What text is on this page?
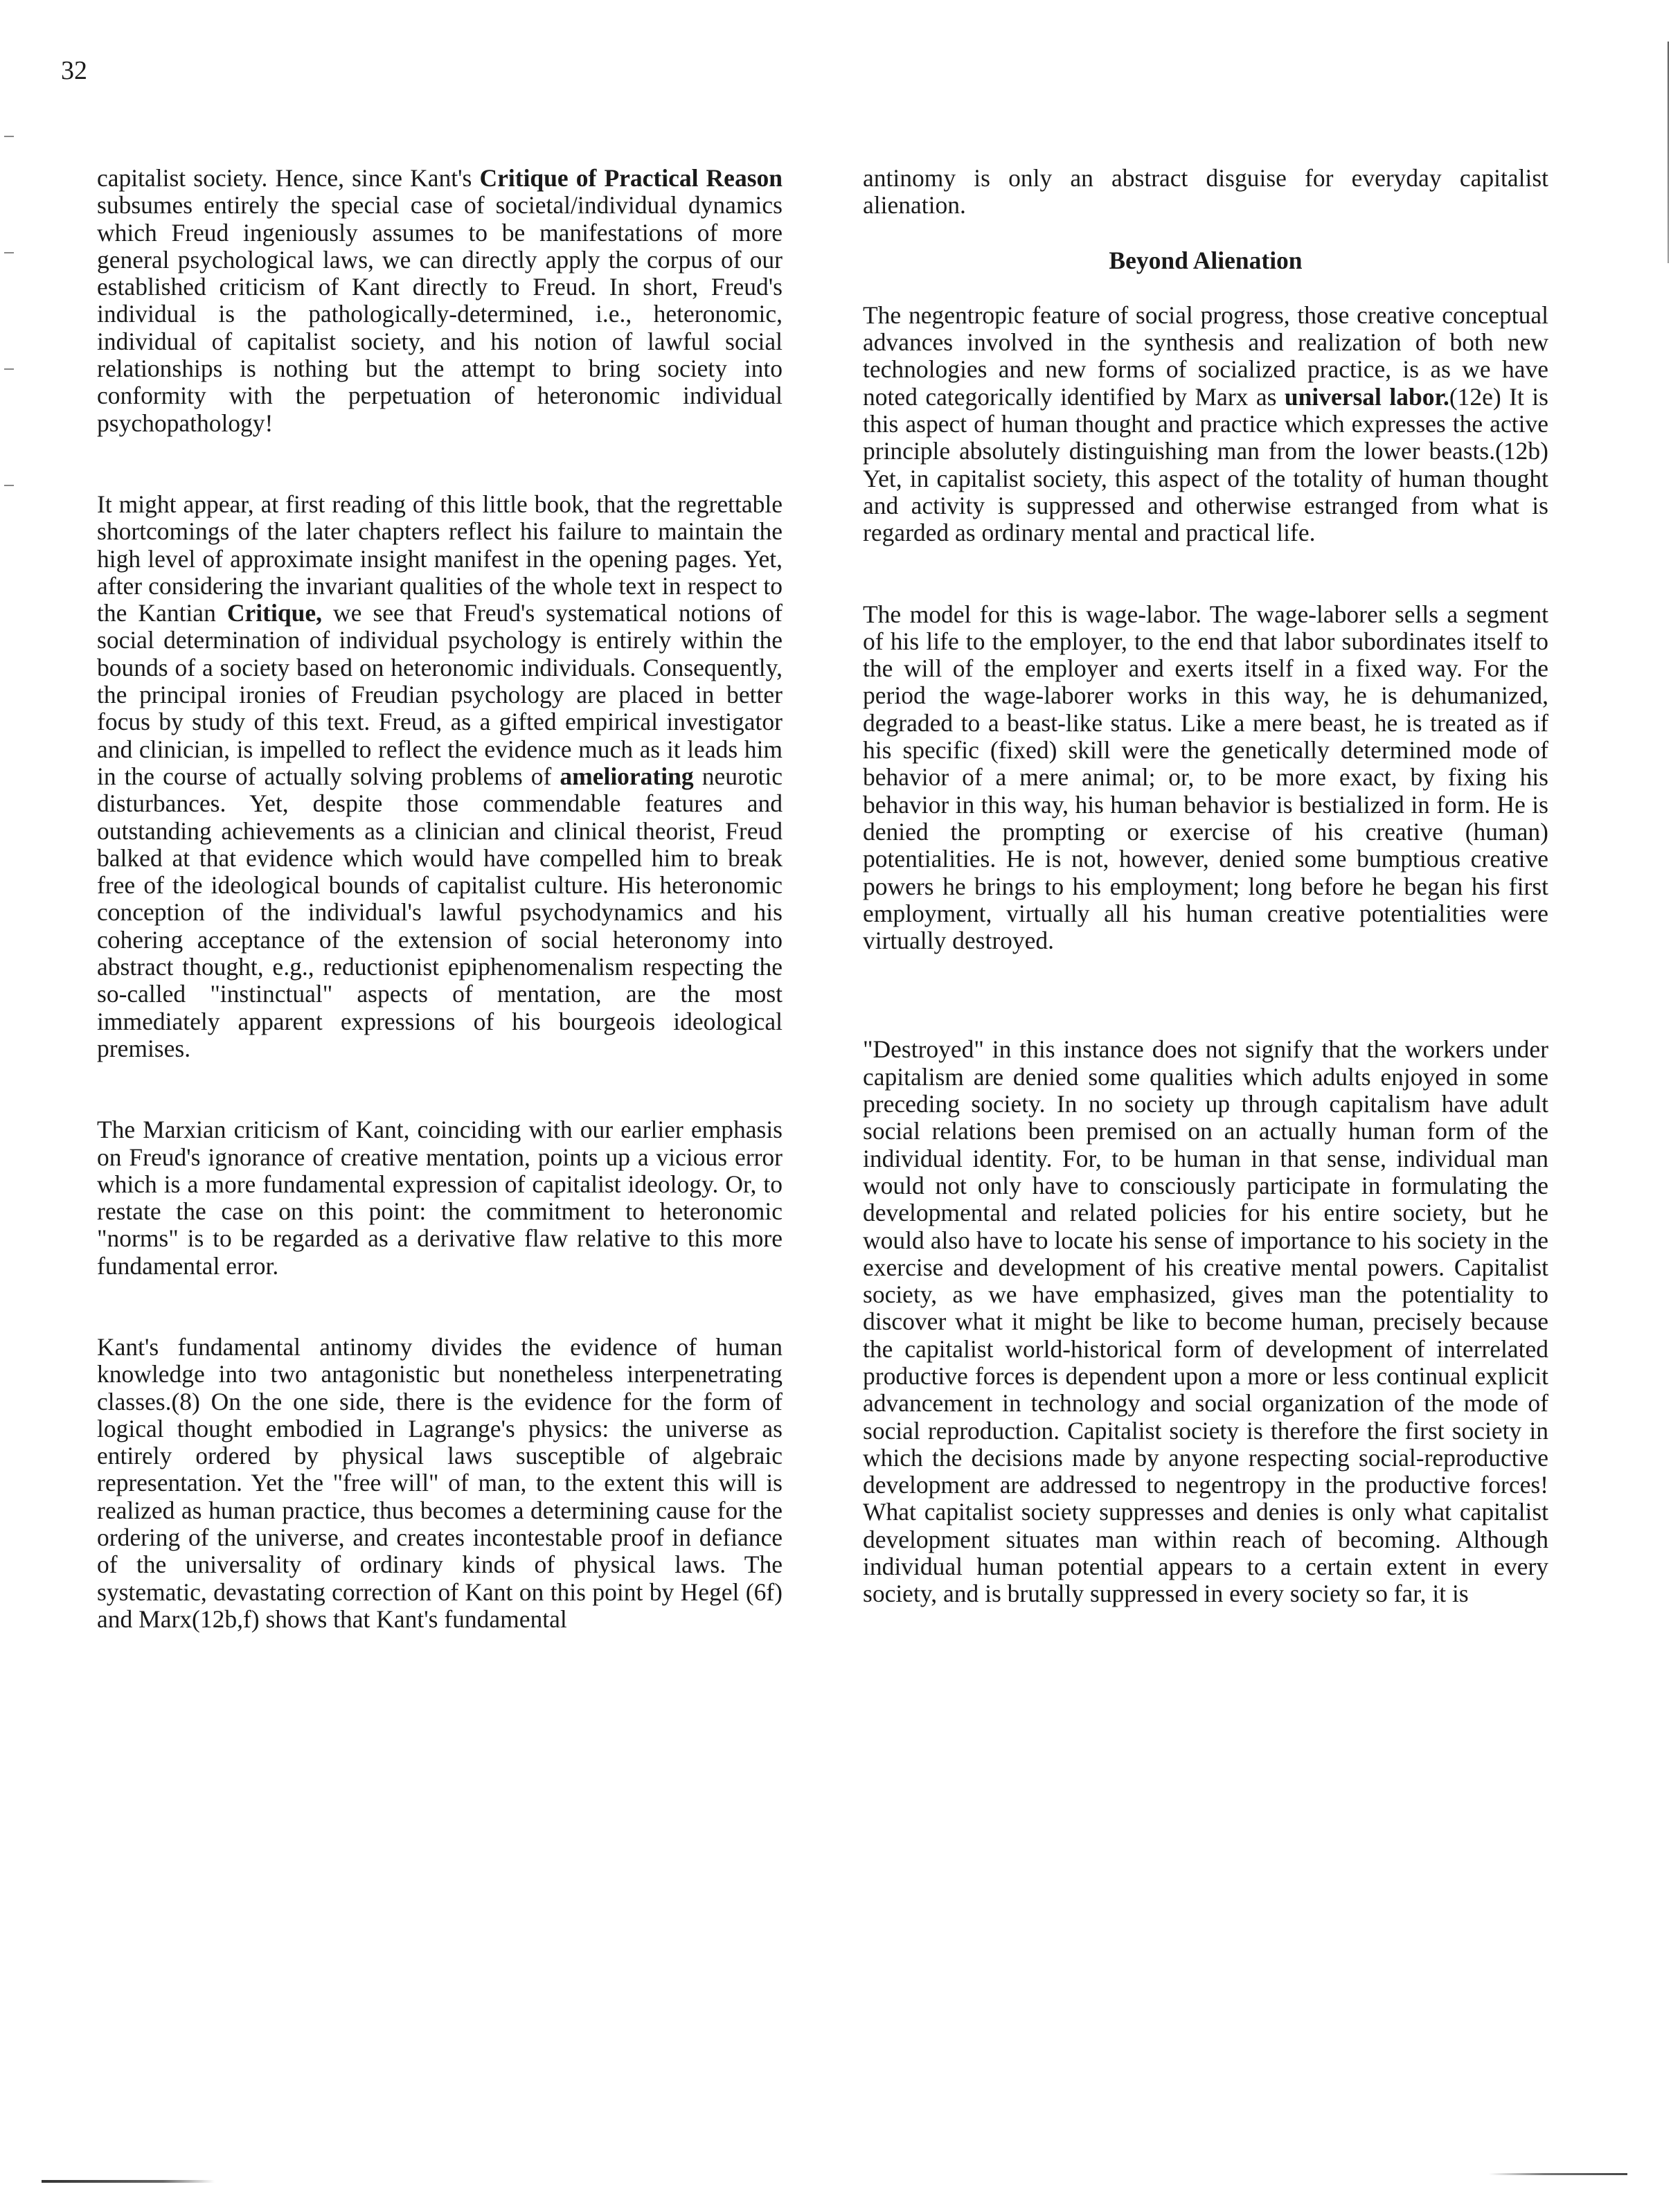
32

capitalist society. Hence, since Kant's Critique of Practical Reason subsumes entirely the special case of societal/individual dynamics which Freud ingeniously assumes to be manifestations of more general psychological laws, we can directly apply the corpus of our established criticism of Kant directly to Freud. In short, Freud's individual is the pathologically-determined, i.e., heteronomic, individual of capitalist society, and his notion of lawful social relationships is nothing but the attempt to bring society into conformity with the perpetuation of heteronomic individual psychopathology!

It might appear, at first reading of this little book, that the regrettable shortcomings of the later chapters reflect his failure to maintain the high level of approximate insight manifest in the opening pages. Yet, after considering the invariant qualities of the whole text in respect to the Kantian Critique, we see that Freud's systematical notions of social determination of individual psychology is entirely within the bounds of a society based on heteronomic individuals. Consequently, the principal ironies of Freudian psychology are placed in better focus by study of this text. Freud, as a gifted empirical investigator and clinician, is impelled to reflect the evidence much as it leads him in the course of actually solving problems of ameliorating neurotic disturbances. Yet, despite those commendable features and outstanding achievements as a clinician and clinical theorist, Freud balked at that evidence which would have compelled him to break free of the ideological bounds of capitalist culture. His heteronomic conception of the individual's lawful psychodynamics and his cohering acceptance of the extension of social heteronomy into abstract thought, e.g., reductionist epiphenomenalism respecting the so-called "instinctual" aspects of mentation, are the most immediately apparent expressions of his bourgeois ideological premises.

The Marxian criticism of Kant, coinciding with our earlier emphasis on Freud's ignorance of creative mentation, points up a vicious error which is a more fundamental expression of capitalist ideology. Or, to restate the case on this point: the commitment to heteronomic "norms" is to be regarded as a derivative flaw relative to this more fundamental error.

Kant's fundamental antinomy divides the evidence of human knowledge into two antagonistic but nonetheless interpenetrating classes.(8) On the one side, there is the evidence for the form of logical thought embodied in Lagrange's physics: the universe as entirely ordered by physical laws susceptible of algebraic representation. Yet the "free will" of man, to the extent this will is realized as human practice, thus becomes a determining cause for the ordering of the universe, and creates incontestable proof in defiance of the universality of ordinary kinds of physical laws. The systematic, devastating correction of Kant on this point by Hegel (6f) and Marx(12b,f) shows that Kant's fundamental

antinomy is only an abstract disguise for everyday capitalist alienation.

Beyond Alienation

The negentropic feature of social progress, those creative conceptual advances involved in the synthesis and realization of both new technologies and new forms of socialized practice, is as we have noted categorically identified by Marx as universal labor.(12e) It is this aspect of human thought and practice which expresses the active principle absolutely distinguishing man from the lower beasts.(12b) Yet, in capitalist society, this aspect of the totality of human thought and activity is suppressed and otherwise estranged from what is regarded as ordinary mental and practical life.

The model for this is wage-labor. The wage-laborer sells a segment of his life to the employer, to the end that labor subordinates itself to the will of the employer and exerts itself in a fixed way. For the period the wage-laborer works in this way, he is dehumanized, degraded to a beast-like status. Like a mere beast, he is treated as if his specific (fixed) skill were the genetically determined mode of behavior of a mere animal; or, to be more exact, by fixing his behavior in this way, his human behavior is bestialized in form. He is denied the prompting or exercise of his creative (human) potentialities. He is not, however, denied some bumptious creative powers he brings to his employment; long before he began his first employment, virtually all his human creative potentialities were virtually destroyed.

"Destroyed" in this instance does not signify that the workers under capitalism are denied some qualities which adults enjoyed in some preceding society. In no society up through capitalism have adult social relations been premised on an actually human form of the individual identity. For, to be human in that sense, individual man would not only have to consciously participate in formulating the developmental and related policies for his entire society, but he would also have to locate his sense of importance to his society in the exercise and development of his creative mental powers. Capitalist society, as we have emphasized, gives man the potentiality to discover what it might be like to become human, precisely because the capitalist world-historical form of development of interrelated productive forces is dependent upon a more or less continual explicit advancement in technology and social organization of the mode of social reproduction. Capitalist society is therefore the first society in which the decisions made by anyone respecting social-reproductive development are addressed to negentropy in the productive forces! What capitalist society suppresses and denies is only what capitalist development situates man within reach of becoming. Although individual human potential appears to a certain extent in every society, and is brutally suppressed in every society so far, it is
